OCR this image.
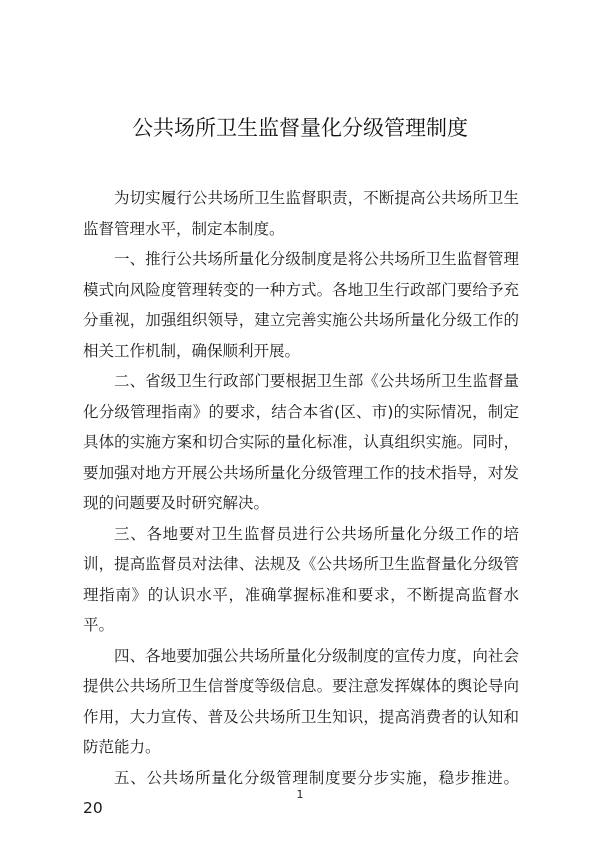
公共场所卫生监督量化分级管理制度

为切实履行公共场所卫生监督职责，不断提高公共场所卫生监督管理水平，制定本制度。

一、推行公共场所量化分级制度是将公共场所卫生监督管理模式向风险度管理转变的一种方式。各地卫生行政部门要给予充分重视，加强组织领导，建立完善实施公共场所量化分级工作的相关工作机制，确保顺利开展。

二、省级卫生行政部门要根据卫生部《公共场所卫生监督量化分级管理指南》的要求，结合本省(区、市)的实际情况，制定具体的实施方案和切合实际的量化标准，认真组织实施。同时，要加强对地方开展公共场所量化分级管理工作的技术指导，对发现的问题要及时研究解决。

三、各地要对卫生监督员进行公共场所量化分级工作的培训，提高监督员对法律、法规及《公共场所卫生监督量化分级管理指南》的认识水平，准确掌握标准和要求，不断提高监督水平。

四、各地要加强公共场所量化分级制度的宣传力度，向社会提供公共场所卫生信誉度等级信息。要注意发挥媒体的舆论导向作用，大力宣传、普及公共场所卫生知识，提高消费者的认知和防范能力。

五、公共场所量化分级管理制度要分步实施，稳步推进。20

1
